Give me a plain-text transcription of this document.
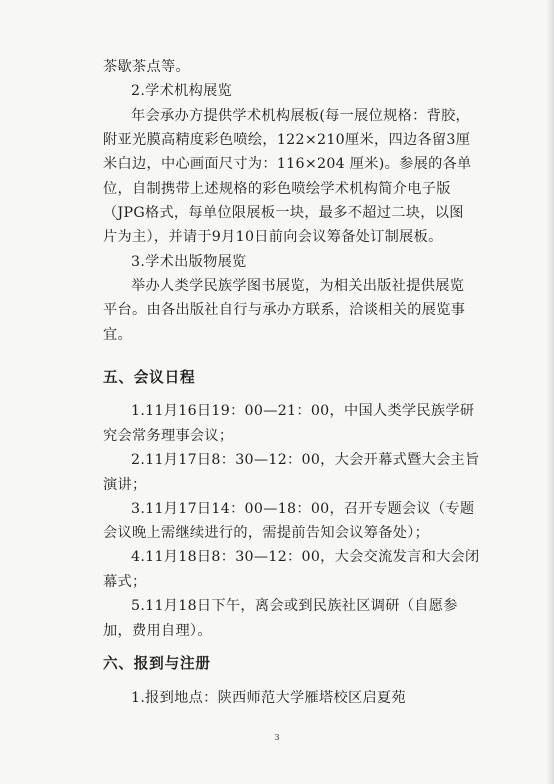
茶歇茶点等。
2.学术机构展览
年会承办方提供学术机构展板(每一展位规格：背胶，
附亚光膜高精度彩色喷绘，122×210厘米，四边各留3厘
米白边，中心画面尺寸为：116×204 厘米)。参展的各单
位，自制携带上述规格的彩色喷绘学术机构简介电子版
（JPG格式，每单位限展板一块，最多不超过二块，以图
片为主），并请于9月10日前向会议筹备处订制展板。
3.学术出版物展览
举办人类学民族学图书展览，为相关出版社提供展览
平台。由各出版社自行与承办方联系，洽谈相关的展览事
宜。
五、会议日程
1.11月16日19：00—21：00，中国人类学民族学研
究会常务理事会议；
2.11月17日8：30—12：00，大会开幕式暨大会主旨
演讲；
3.11月17日14：00—18：00，召开专题会议（专题
会议晚上需继续进行的，需提前告知会议筹备处）；
4.11月18日8：30—12：00，大会交流发言和大会闭
幕式；
5.11月18日下午，离会或到民族社区调研（自愿参
加，费用自理）。
六、报到与注册
1.报到地点：陕西师范大学雁塔校区启夏苑
3
